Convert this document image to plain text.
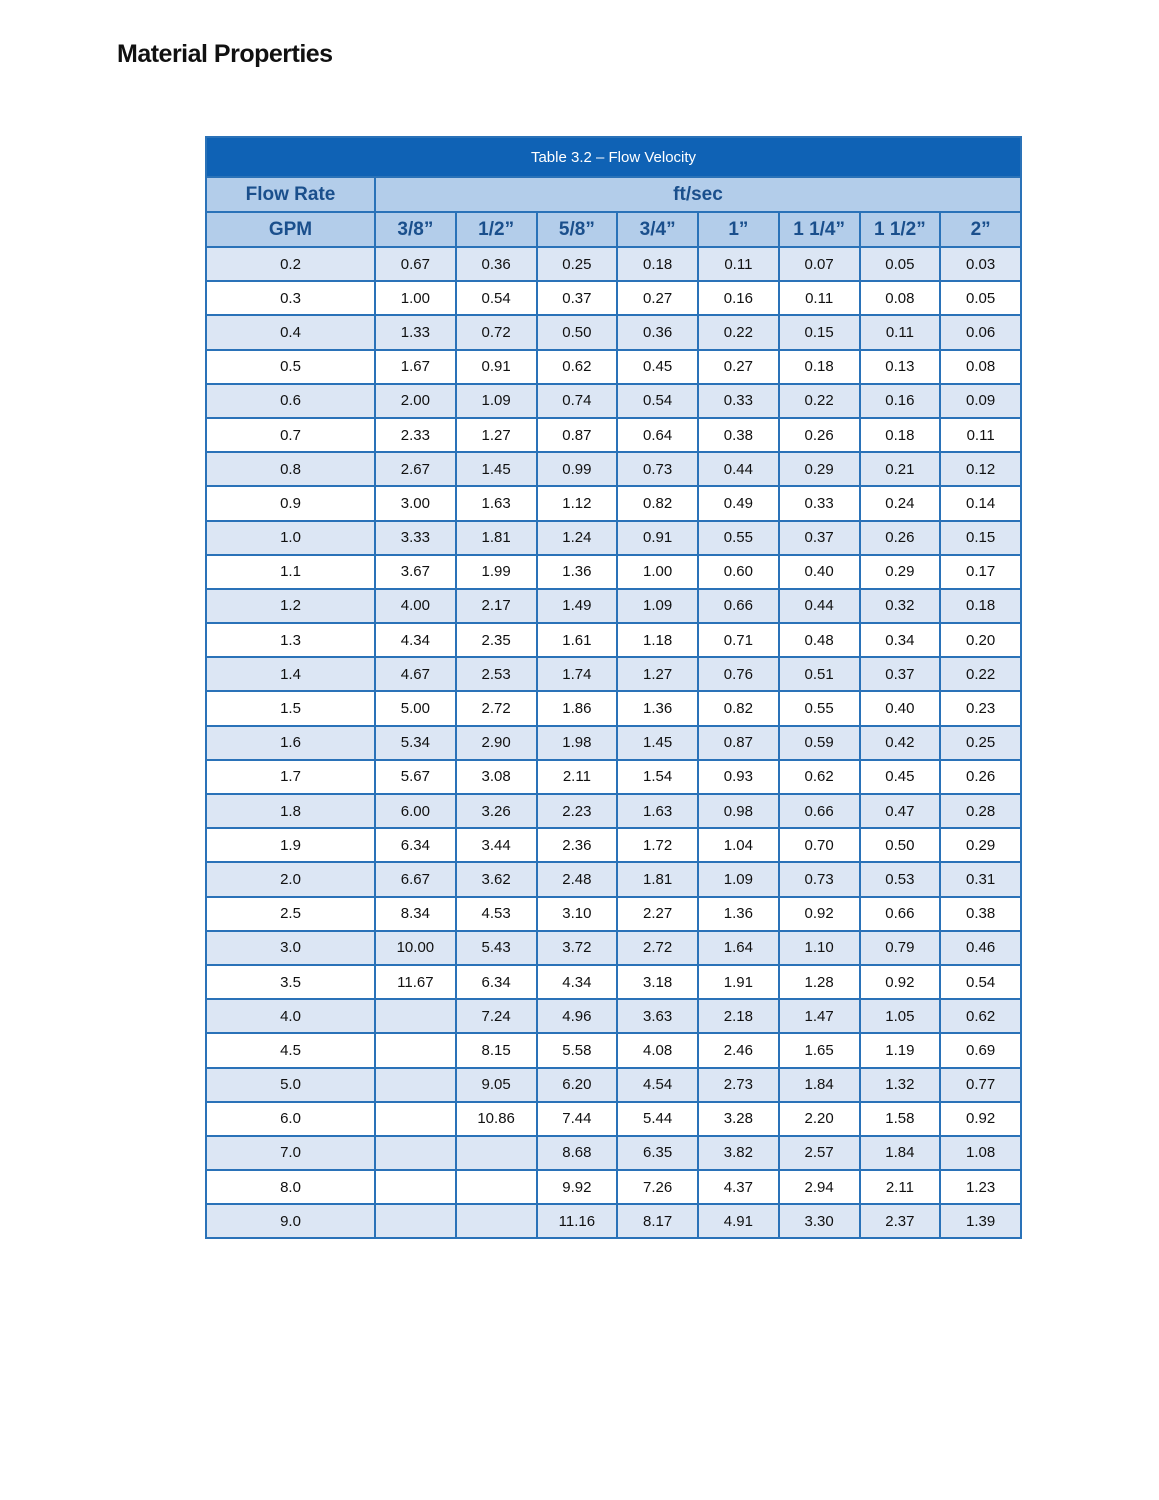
Material Properties
Table 3.2 – Flow Velocity								
Flow Rate	ft/sec							
GPM	3/8”	1/2”	5/8”	3/4”	1”	1 1/4”	1 1/2”	2”
0.2	0.67	0.36	0.25	0.18	0.11	0.07	0.05	0.03
0.3	1.00	0.54	0.37	0.27	0.16	0.11	0.08	0.05
0.4	1.33	0.72	0.50	0.36	0.22	0.15	0.11	0.06
0.5	1.67	0.91	0.62	0.45	0.27	0.18	0.13	0.08
0.6	2.00	1.09	0.74	0.54	0.33	0.22	0.16	0.09
0.7	2.33	1.27	0.87	0.64	0.38	0.26	0.18	0.11
0.8	2.67	1.45	0.99	0.73	0.44	0.29	0.21	0.12
0.9	3.00	1.63	1.12	0.82	0.49	0.33	0.24	0.14
1.0	3.33	1.81	1.24	0.91	0.55	0.37	0.26	0.15
1.1	3.67	1.99	1.36	1.00	0.60	0.40	0.29	0.17
1.2	4.00	2.17	1.49	1.09	0.66	0.44	0.32	0.18
1.3	4.34	2.35	1.61	1.18	0.71	0.48	0.34	0.20
1.4	4.67	2.53	1.74	1.27	0.76	0.51	0.37	0.22
1.5	5.00	2.72	1.86	1.36	0.82	0.55	0.40	0.23
1.6	5.34	2.90	1.98	1.45	0.87	0.59	0.42	0.25
1.7	5.67	3.08	2.11	1.54	0.93	0.62	0.45	0.26
1.8	6.00	3.26	2.23	1.63	0.98	0.66	0.47	0.28
1.9	6.34	3.44	2.36	1.72	1.04	0.70	0.50	0.29
2.0	6.67	3.62	2.48	1.81	1.09	0.73	0.53	0.31
2.5	8.34	4.53	3.10	2.27	1.36	0.92	0.66	0.38
3.0	10.00	5.43	3.72	2.72	1.64	1.10	0.79	0.46
3.5	11.67	6.34	4.34	3.18	1.91	1.28	0.92	0.54
4.0		7.24	4.96	3.63	2.18	1.47	1.05	0.62
4.5		8.15	5.58	4.08	2.46	1.65	1.19	0.69
5.0		9.05	6.20	4.54	2.73	1.84	1.32	0.77
6.0		10.86	7.44	5.44	3.28	2.20	1.58	0.92
7.0			8.68	6.35	3.82	2.57	1.84	1.08
8.0			9.92	7.26	4.37	2.94	2.11	1.23
9.0			11.16	8.17	4.91	3.30	2.37	1.39
